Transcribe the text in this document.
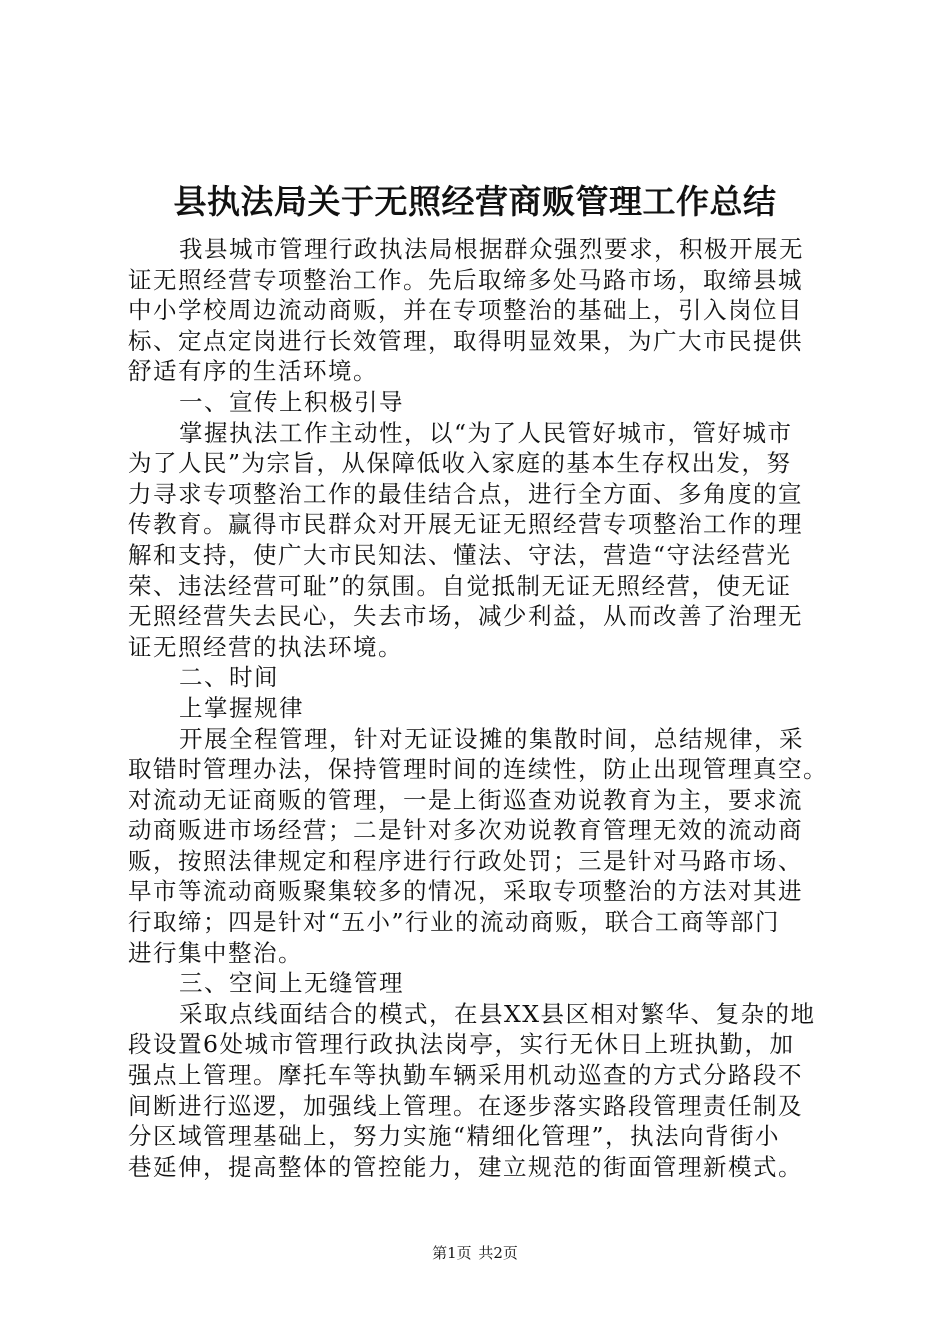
县执法局关于无照经营商贩管理工作总结
我县城市管理行政执法局根据群众强烈要求，积极开展无
证无照经营专项整治工作。先后取缔多处马路市场，取缔县城
中小学校周边流动商贩，并在专项整治的基础上，引入岗位目
标、定点定岗进行长效管理，取得明显效果，为广大市民提供
舒适有序的生活环境。
一、宣传上积极引导
掌握执法工作主动性，以“为了人民管好城市，管好城市
为了人民”为宗旨，从保障低收入家庭的基本生存权出发，努
力寻求专项整治工作的最佳结合点，进行全方面、多角度的宣
传教育。赢得市民群众对开展无证无照经营专项整治工作的理
解和支持，使广大市民知法、懂法、守法，营造“守法经营光
荣、违法经营可耻”的氛围。自觉抵制无证无照经营，使无证
无照经营失去民心，失去市场，减少利益，从而改善了治理无
证无照经营的执法环境。
二、时间
上掌握规律
开展全程管理，针对无证设摊的集散时间，总结规律，采
取错时管理办法，保持管理时间的连续性，防止出现管理真空。
对流动无证商贩的管理，一是上街巡查劝说教育为主，要求流
动商贩进市场经营；二是针对多次劝说教育管理无效的流动商
贩，按照法律规定和程序进行行政处罚；三是针对马路市场、
早市等流动商贩聚集较多的情况，采取专项整治的方法对其进
行取缔；四是针对“五小”行业的流动商贩，联合工商等部门
进行集中整治。
三、空间上无缝管理
采取点线面结合的模式，在县XX县区相对繁华、复杂的地
段设置6处城市管理行政执法岗亭，实行无休日上班执勤，加
强点上管理。摩托车等执勤车辆采用机动巡查的方式分路段不
间断进行巡逻，加强线上管理。在逐步落实路段管理责任制及
分区域管理基础上，努力实施“精细化管理”，执法向背街小
巷延伸，提高整体的管控能力，建立规范的街面管理新模式。
第1页 共2页
